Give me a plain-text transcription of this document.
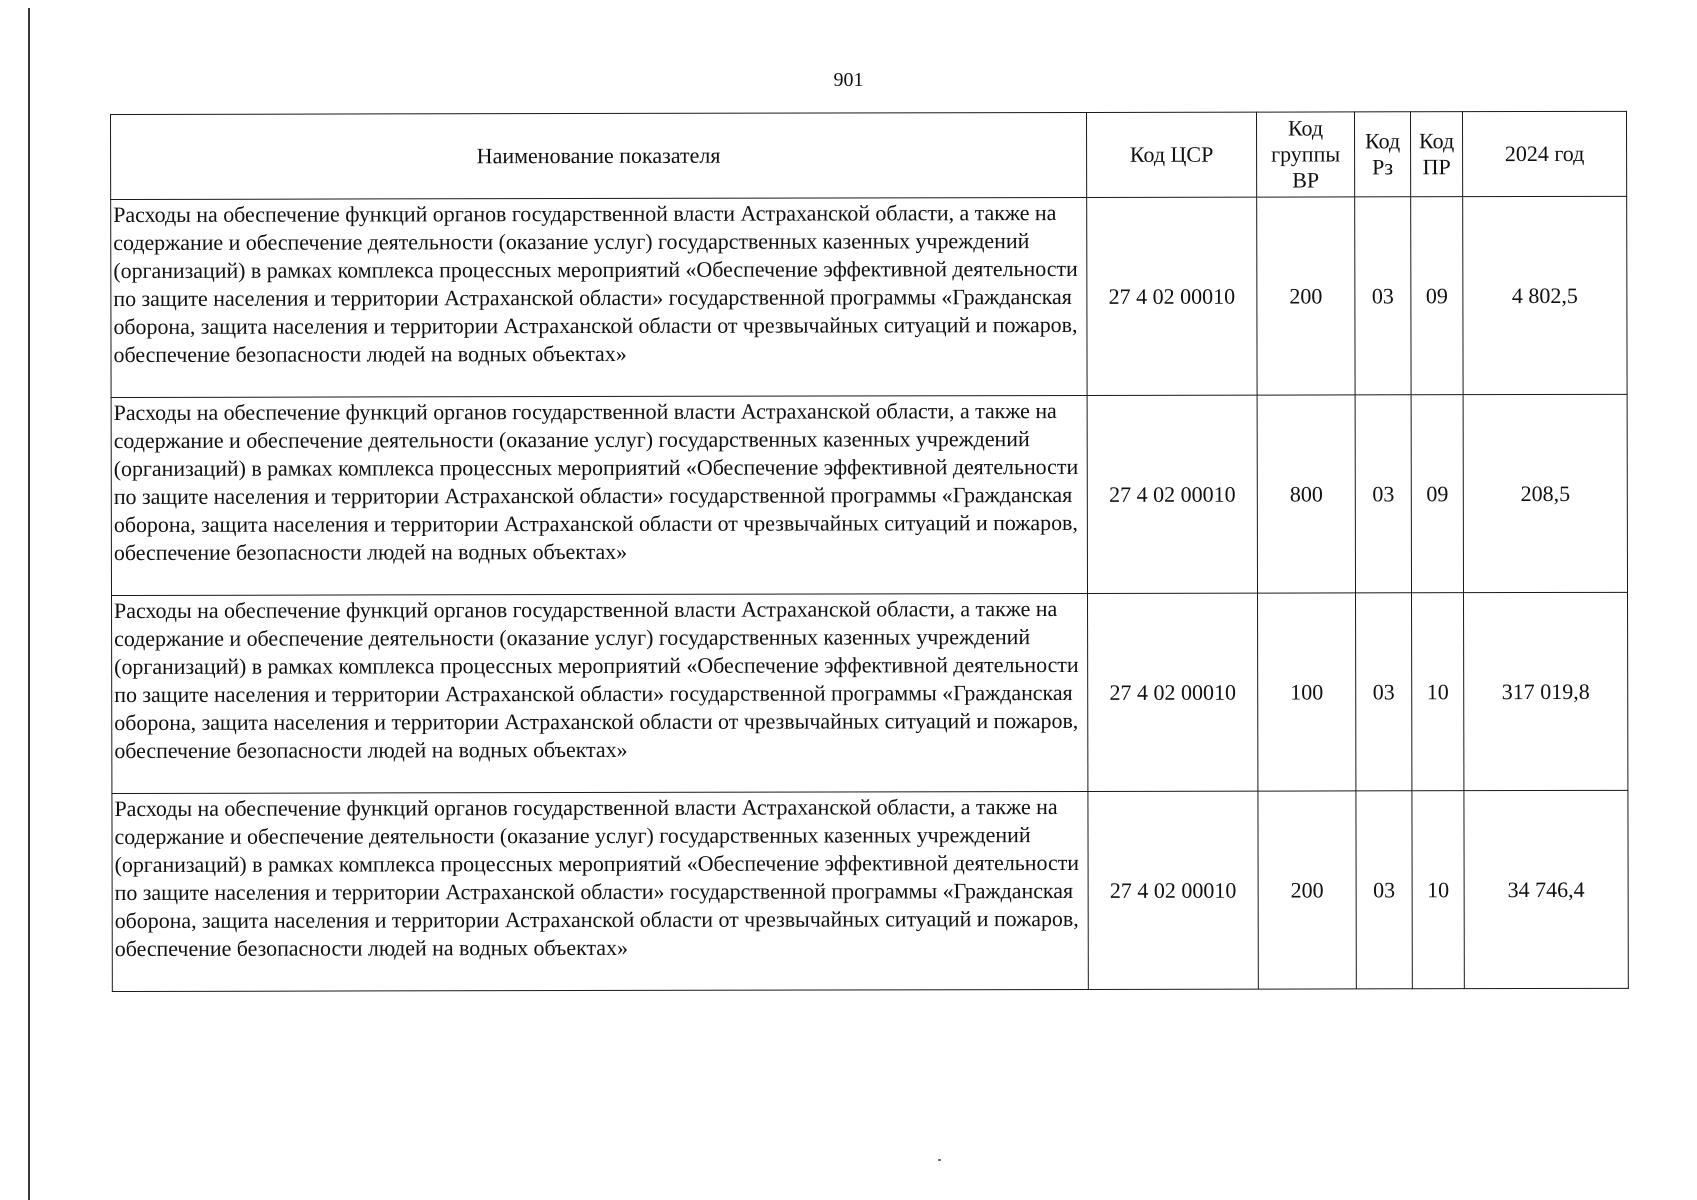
901
Наименование показателя	Код ЦСР	Код группы ВР	Код Рз	Код ПР	2024 год
Расходы на обеспечение функций органов государственной власти Астраханской области, а также на содержание и обеспечение деятельности (оказание услуг) государственных казенных учреждений (организаций) в рамках комплекса процессных мероприятий «Обеспечение эффективной деятельности по защите населения и территории Астраханской области» государственной программы «Гражданская оборона, защита населения и территории Астраханской области от чрезвычайных ситуаций и пожаров, обеспечение безопасности людей на водных объектах»	27 4 02 00010	200	03	09	4 802,5
Расходы на обеспечение функций органов государственной власти Астраханской области, а также на содержание и обеспечение деятельности (оказание услуг) государственных казенных учреждений (организаций) в рамках комплекса процессных мероприятий «Обеспечение эффективной деятельности по защите населения и территории Астраханской области» государственной программы «Гражданская оборона, защита населения и территории Астраханской области от чрезвычайных ситуаций и пожаров, обеспечение безопасности людей на водных объектах»	27 4 02 00010	800	03	09	208,5
Расходы на обеспечение функций органов государственной власти Астраханской области, а также на содержание и обеспечение деятельности (оказание услуг) государственных казенных учреждений (организаций) в рамках комплекса процессных мероприятий «Обеспечение эффективной деятельности по защите населения и территории Астраханской области» государственной программы «Гражданская оборона, защита населения и территории Астраханской области от чрезвычайных ситуаций и пожаров, обеспечение безопасности людей на водных объектах»	27 4 02 00010	100	03	10	317 019,8
Расходы на обеспечение функций органов государственной власти Астраханской области, а также на содержание и обеспечение деятельности (оказание услуг) государственных казенных учреждений (организаций) в рамках комплекса процессных мероприятий «Обеспечение эффективной деятельности по защите населения и территории Астраханской области» государственной программы «Гражданская оборона, защита населения и территории Астраханской области от чрезвычайных ситуаций и пожаров, обеспечение безопасности людей на водных объектах»	27 4 02 00010	200	03	10	34 746,4
